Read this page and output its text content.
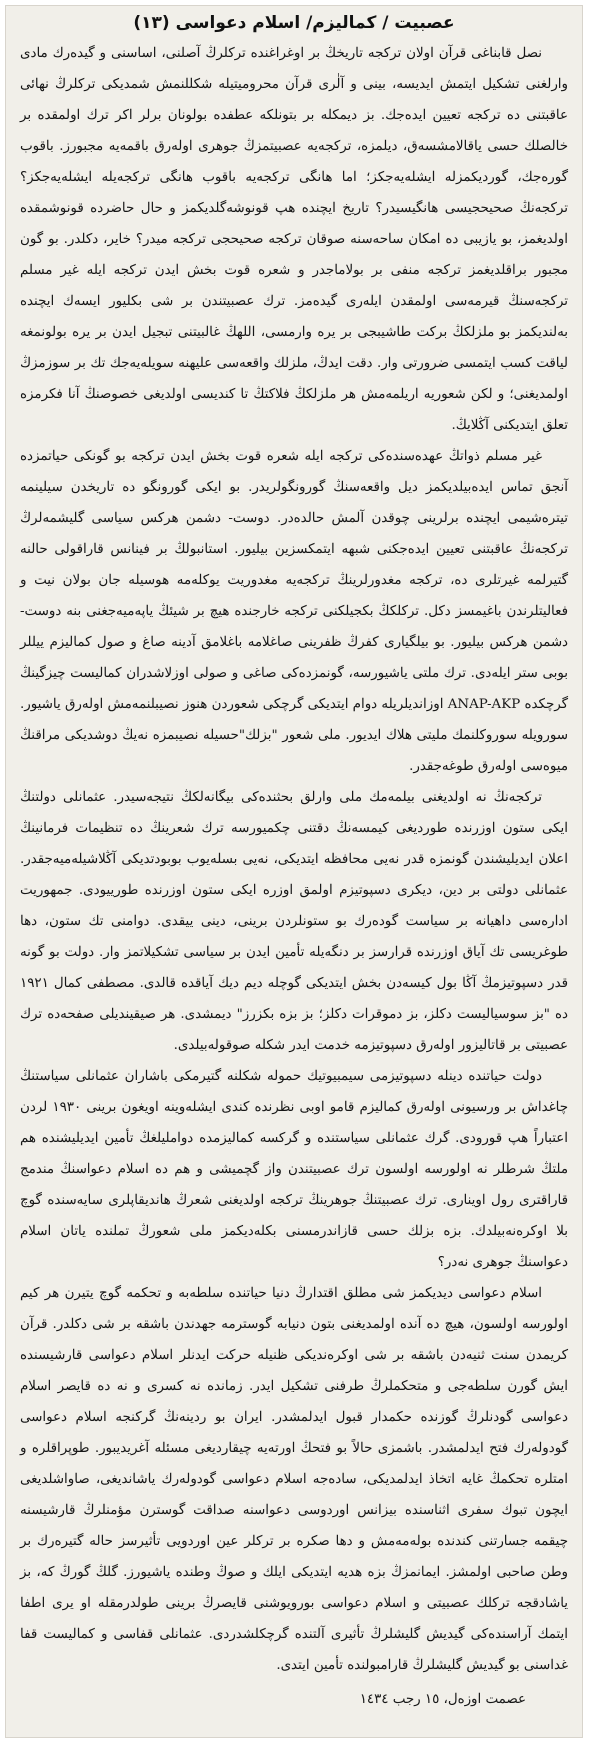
عصبیت / کمالیزم/ اسلام دعواسی (١٣)

نصل قابناغی قرآن اولان ترکجه تاریخڭ بر اوغراغنده ترکلرڭ آصلنی، اساسنی و گیدەرك مادی وارلغنی تشکیل ایتمش ایدیسه، بینی و آلٰری قرآن محرومیتیله شکللنمش شمدیکی ترکلرڭ نهائی عاقبتنی ده ترکجه تعیین ایدەجك. بز دیمکله بر بتونلکه عطفده بولونان برلر اکر ترك اولمقده بر خالصلك حسی یاقالامشسەق، دیلمزه، ترکجەیه عصبیتمزڭ جوهری اولەرق باقمەیه مجبورز. باقوب گورەجك، گوردیکمزله ایشلەیەجکز؛ اما هانگی ترکجەیه باقوب هانگی ترکجەیله ایشلەیەجکز؟ ترکجەنڭ صحیحجیسی هانگیسیدر؟ تاریخ ایچنده هپ قونوشەگلدیکمز و حال حاضرده قونوشمقده اولدیغمز، بو یازیبی ده امکان ساحەسنه صوقان ترکجه صحیحجی ترکجه میدر؟ خایر، دکلدر. بو گون مجبور براقلدیغمز ترکجه منفی بر بولاماجدر و شعره قوت بخش ایدن ترکجه ایله غیر مسلم ترکجەسنڭ قیرمەسی اولمقدن ایلەری گیدەمز. ترك عصبیتندن بر شی بکلیور ایسەك ایچنده بەلندیکمز بو ملزلكڭ برکت طاشیبجی بر یره وارمسی، اللهڭ غالبیتنی تبجیل ایدن بر یره بولونمغه لیاقت کسب ایتمسی ضرورتی وار. دقت ایدڭ، ملزلك واقعەسی علیهنه سویلەیەجك تك بر سوزمزڭ اولمدیغنی؛ و لکن شعوریه اریلمەمش هر ملزلكڭ فلاکتڭ تا کندیسی اولدیغی خصوصنڭ آنا فکرمزه تعلق ایتدیکنی آڭلایڭ.

غیر مسلم ذواتڭ عهدەسندەکی ترکجه ایله شعره قوت بخش ایدن ترکجه بو گونکی حیاتمزده آنجق تماس ایدەبیلدیکمز دیل واقعەسنڭ گورونگولریدر. بو ایکی گورونگو ده تاریخدن سیلینمه تیترەشیمی ایچنده برلرینی چوقدن آلمش حالدەدر. دوست- دشمن هرکس سیاسی گلیشمەلرڭ ترکجەنڭ عاقبتنی تعیین ایدەجکنی شبهه ایتمکسزین بیلیور. استانبولڭ بر فینانس قاراقولی حالنه گتیرلمه غیرتلری ده، ترکجه مغدورلرینڭ ترکجەیه مغدوریت یوکلەمه هوسیله جان بولان نیت و فعالیتلرندن باغیمسز دکل. ترکلكڭ بکجیلکنی ترکجه خارجنده هیچ بر شیئڭ یاپەمیەجغنی بنه دوست- دشمن هرکس بیلیور. بو بیلگیاری کفرڭ ظفرینی صاغلامه باغلامق آدینه صاغ و صول کمالیزم ییللر بوبی ستر ایلەدی. ترك ملتی یاشیورسه، گونمزدەکی صاغی و صولی اوزلاشدران کمالیست چیزگینڭ گرچکده ANAP-AKP اوزاندیلریله دوام ایتدیکی گرچکی شعوردن هنوز نصیبلنمەمش اولەرق یاشیور. سورویله سوروکلنمك ملیتی هلاك ایدیور. ملی شعور "بزلك"حسیله نصیبمزه نەیڭ دوشدیکی مراقنڭ میوەسی اولەرق طوغەجقدر.

ترکجەنڭ نه اولدیغنی بیلمەمك ملی وارلق بحثندەکی بیگانەلكڭ نتیجەسیدر. عثمانلی دولتنڭ ایکی ستون اوزرنده طوردیغی کیمسەنڭ دقتنی چکمیورسه ترك شعرینڭ ده تنظیمات فرمانینڭ اعلان ایدیلیشندن گونمزه قدر نەیی محافظه ایتدیکی، نەیی بسلەیوب بوبودتدیکی آڭلاشیلەمیەجقدر. عثمانلی دولتی بر دین، دیکری دسپوتیزم اولمق اوزره ایکی ستون اوزرنده طورییودی. جمهوریت ادارەسی داهیانه بر سیاست گودەرك بو ستونلردن برینی، دینی ییقدی. دوامنی تك ستون، دها طوغریسی تك آیاق اوزرنده قرارسز بر دنگەیله تأمین ایدن بر سیاسی تشکیلاتمز وار. دولت بو گونه قدر دسپوتیزمڭ آڭا بول کیسەدن بخش ایتدیکی گوچله دیم دیك آیاقده قالدی. مصطفی کمال ١٩٢١ ده "بز سوسیالیست دکلز، بز دموقرات دکلز؛ بز بزه بکزرز" دیمشدی. هر صیقیندیلی صفحەده ترك عصبیتی بر قاتالیزور اولەرق دسپوتیزمه خدمت ایدر شکلە صوقولەبیلدی.

دولت حیاتنده دینله دسپوتیزمی سیمبیوتیك حموله شکلنه گتیرمکی باشاران عثمانلی سیاستنڭ چاغداش بر ورسیونی اولەرق کمالیزم قامو اوبی نظرنده کندی ایشلەوینه اویغون برینی ١٩٣٠ لردن اعتباراً هپ قورودی. گرك عثمانلی سیاستنده و گرکسه کمالیزمده دواملیلغڭ تأمین ایدیلیشنده هم ملتڭ شرطلر نه اولورسه اولسون ترك عصبیتندن واز گچمیشی و هم ده اسلام دعواسنڭ مندمج قاراقتری رول اویناری. ترك عصبیتنڭ جوهرینڭ ترکجه اولدیغنی شعرڭ هاندیقاپلری سایەسنده گوچ بلا اوکرەنەبیلدك. بزه بزلك حسی قازاندرمسنی بکلەدیکمز ملی شعورڭ تملنده یاتان اسلام دعواسنڭ جوهری نەدر؟

اسلام دعواسی دیدیکمز شی مطلق اقتدارڭ دنیا حیاتنده سلطەبه و تحکمه گوچ یتیرن هر کیم اولورسه اولسون، هیچ ده آنده اولمدیغنی بتون دنیابه گوسترمه جهدندن باشقه بر شی دکلدر. قرآن کریمدن سنت ثنیەدن باشقه بر شی اوکرەندیکی ظنیله حرکت ایدنلر اسلام دعواسی قارشیسنده ایش گورن سلطەجی و متحکملرڭ طرفنی تشکیل ایدر. زمانده نه کسری و نه ده قایصر اسلام دعواسی گودنلرڭ گوزنده حکمدار قبول ایدلمشدر. ایران بو ردینەنڭ گرکنجه اسلام دعواسی گودولەرك فتح ایدلمشدر. باشمزی حالاً بو فتحڭ اورتەیه چیقاردیغی مسئله آغریدیبور. طوپراقلره و امتلره تحکمڭ غایه اتخاذ ایدلمدیکی، سادەجه اسلام دعواسی گودولەرك یاشاندیغی، صاواشلدیغی ایچون تبوك سفری اثناسنده بیزانس اوردوسی دعواسنه صداقت گوسترن مؤمنلرڭ قارشیسنه چیقمه جسارتنی کندنده بولەمەمش و دها صکره بر ترکلر عین اوردویی تأثیرسز حاله گتیرەرك بر وطن صاحبی اولمشز. ایمانمزڭ بزه هدیه ایتدیکی ایلك و صوڭ وطنده یاشیورز. گلڭ گورڭ که، بز یاشادقجه ترکلك عصبیتی و اسلام دعواسی بورویوشنی قایصرڭ برینی طولدرمقله او یری اطفا ایتمك آراسندەکی گیدیش گلیشلرڭ تأثیری آلتنده گرچکلشدردی. عثمانلی قفاسی و کمالیست قفا غداسنی بو گیدیش گلیشلرڭ قارامبولنده تأمین ایتدی.

عصمت اوزەل، ١٥ رجب ١٤٣٤
